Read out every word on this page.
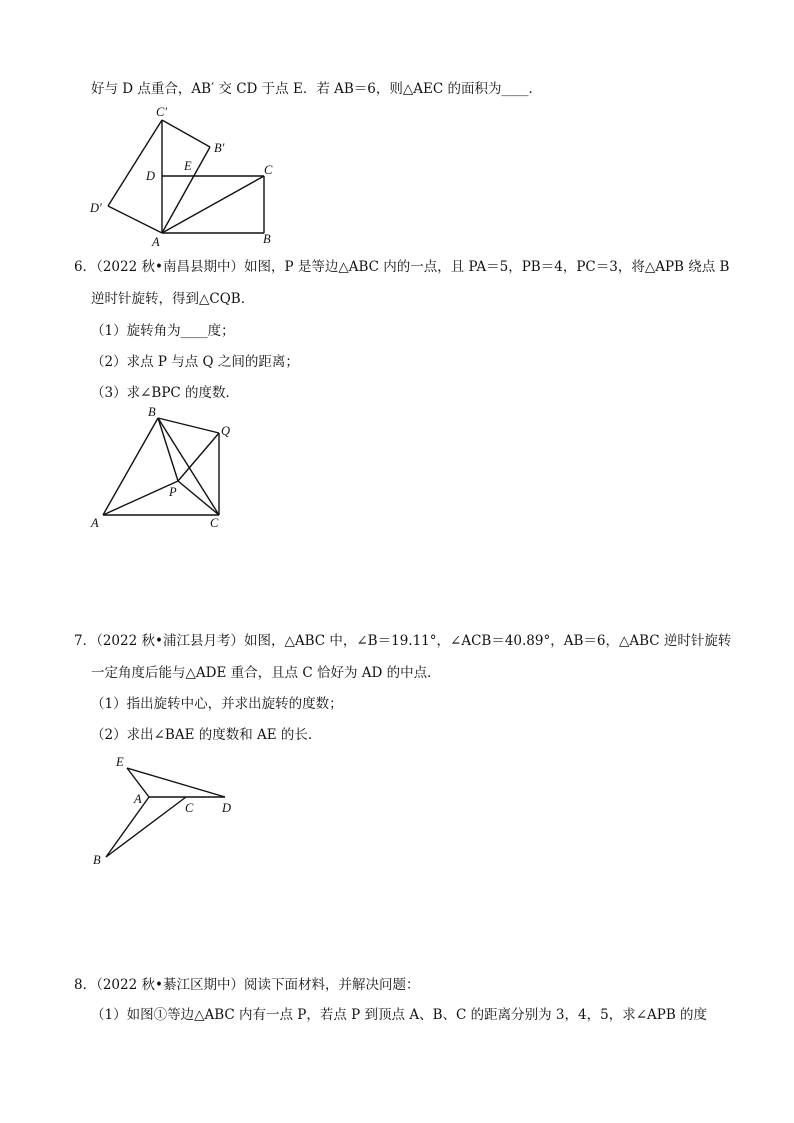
好与 D 点重合，AB′ 交 CD 于点 E．若 AB＝6，则△AEC 的面积为____．
C′
B′
D
E	C
D′
A	B
6．（2022 秋•南昌县期中）如图，P 是等边△ABC 内的一点，且 PA＝5，PB＝4，PC＝3，将△APB 绕点 B
逆时针旋转，得到△CQB．
（1）旋转角为____度；
（2）求点 P 与点 Q 之间的距离；
（3）求∠BPC 的度数．
B
Q
P
A	C
7．（2022 秋•浦江县月考）如图，△ABC 中，∠B＝19.11°，∠ACB＝40.89°，AB＝6，△ABC 逆时针旋转
一定角度后能与△ADE 重合，且点 C 恰好为 AD 的中点．
（1）指出旋转中心，并求出旋转的度数；
（2）求出∠BAE 的度数和 AE 的长．
E
A
C D
B
8．（2022 秋•綦江区期中）阅读下面材料，并解决问题：
（1）如图①等边△ABC 内有一点 P，若点 P 到顶点 A、B、C 的距离分别为 3，4，5，求∠APB 的度
